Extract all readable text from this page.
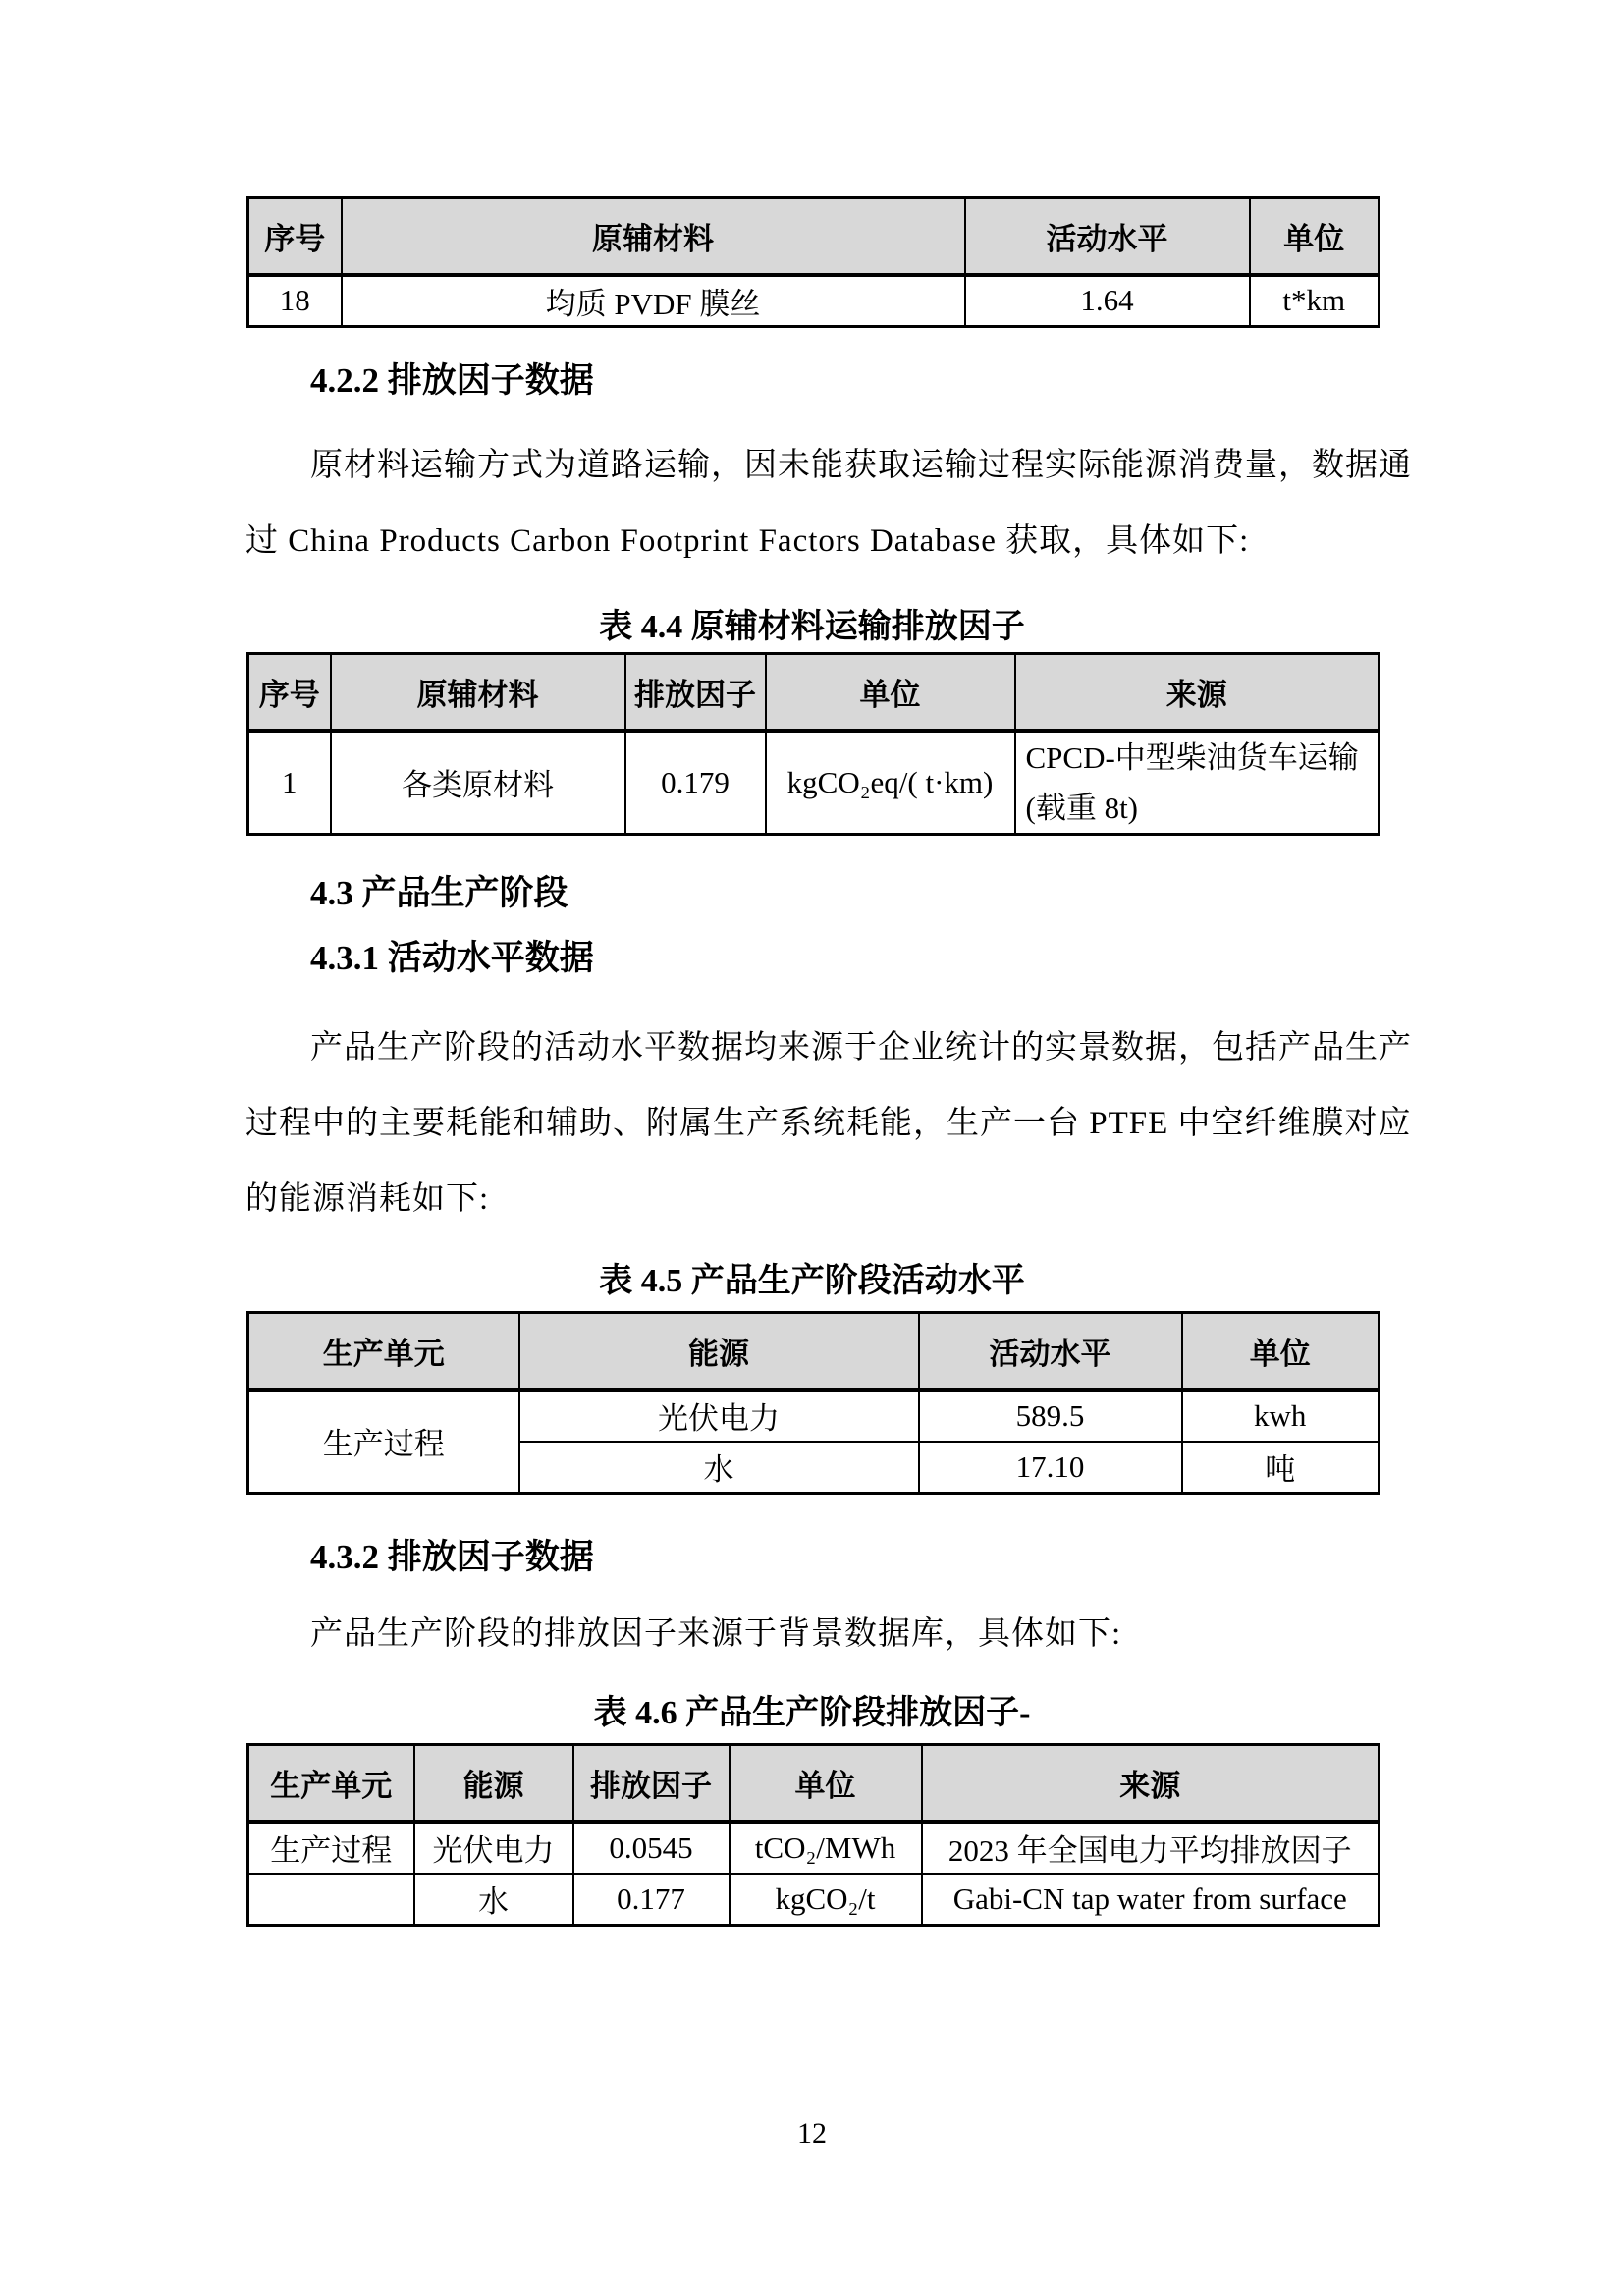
序号	原辅材料	活动水平	单位
18	均质 PVDF 膜丝	1.64	t*km
4.2.2 排放因子数据
原材料运输方式为道路运输，因未能获取运输过程实际能源消费量，数据通
过 China Products Carbon Footprint Factors Database 获取，具体如下:
表 4.4 原辅材料运输排放因子
序号	原辅材料	排放因子	单位	来源
1	各类原材料	0.179	kgCO₂eq/( t·km)	CPCD-中型柴油货车运输(载重 8t)
4.3 产品生产阶段
4.3.1 活动水平数据
产品生产阶段的活动水平数据均来源于企业统计的实景数据，包括产品生产
过程中的主要耗能和辅助、附属生产系统耗能，生产一台 PTFE 中空纤维膜对应
的能源消耗如下:
表 4.5 产品生产阶段活动水平
生产单元	能源	活动水平	单位
生产过程	光伏电力	589.5	kwh
	水	17.10	吨
4.3.2 排放因子数据
产品生产阶段的排放因子来源于背景数据库，具体如下:
表 4.6 产品生产阶段排放因子-
生产单元	能源	排放因子	单位	来源
生产过程	光伏电力	0.0545	tCO₂/MWh	2023 年全国电力平均排放因子
	水	0.177	kgCO₂/t	Gabi-CN tap water from surface
12
